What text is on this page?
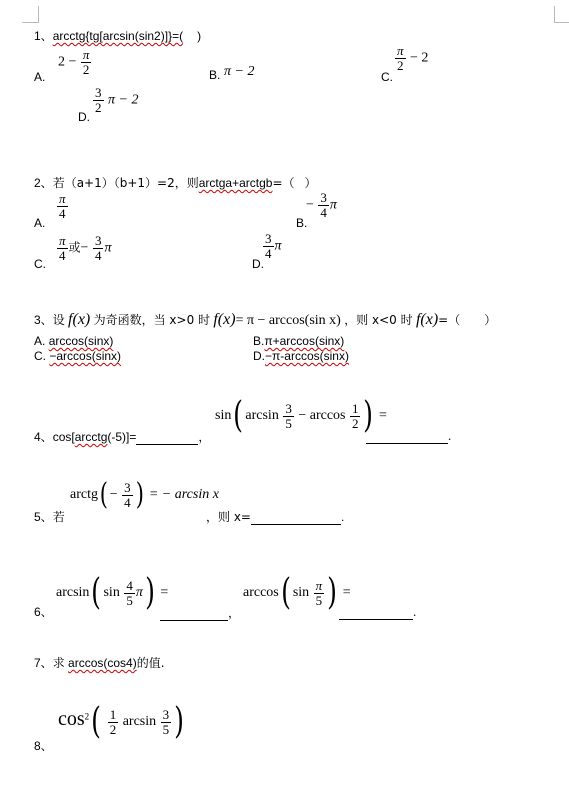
1、arcctg{tg[arcsin(sin2)]}=( )
A.
$2 - \frac{\pi}{2}$	B. π − 2	C.
$\frac{\pi}{2} - 2$
D.
$\frac{3}{2}$ π − 2
2、若（a+1）（b+1）=2，则arctga+arctgb=（ ）
A.
$\frac{\pi}{4}$
B.
− $\frac{3}{4}$ π
C.
$\frac{\pi}{4}$ 或− $\frac{3}{4}$ π
D.
$\frac{3}{4}$ π
3、设 f(x) 为奇函数，当 x>0 时 f(x)= π − arccos(sin x) ，则 x<0 时 f(x)=（　　）
A. arccos(sinx)	B.π+arccos(sinx)
C. −arccos(sinx)	D.−π-arccos(sinx)
4、cos[arcctg(-5)]=	，
sin( $\arcsin \frac{3}{5} - \arccos \frac{1}{2}$ ) =
.
arctg( − $\frac{3}{4}$ ) = − arcsin x
5、若	，则 x=	.
6、
arcsin( $\sin \frac{4}{5} \pi$) =
，
arccos( $\sin \frac{\pi}{5}$ ) =
.
7、求 arccos(cos4)的值.
8、
$\cos^2( \frac{1}{2}$ $\arcsin \frac{3}{5}$ )
